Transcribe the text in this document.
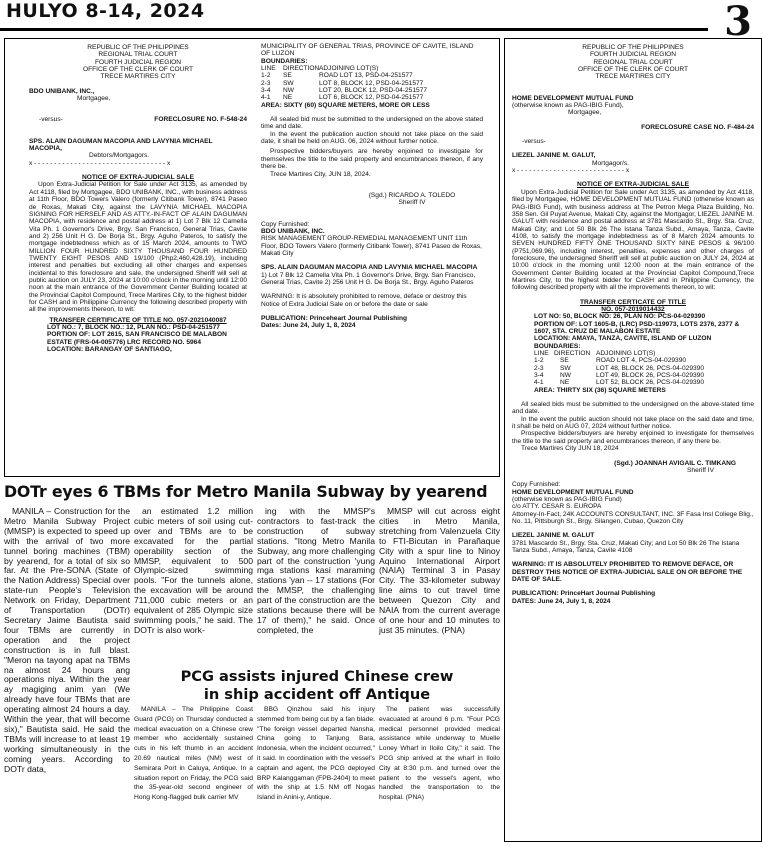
HULYO 8-14, 2024	3

REPUBLIC OF THE PHILIPPINES

REGIONAL TRIAL COURT

FOURTH JUDICIAL REGION

OFFICE OF THE CLERK OF COURT

TRECE MARTIRES CITY

BDO UNIBANK, INC.,

Mortgagee,

-versus-	FORECLOSURE NO. F-548-24

SPS. ALAIN DAGUMAN MACOPIA AND LAVYNIA MICHAEL MACOPIA,

Debtors/Mortgagors.

x - - - - - - - - - - - - - - - - - - - - - - - - - - - - - - - - - x

NOTICE OF EXTRA-JUDICIAL SALE

Upon Extra-Judicial Petition for Sale under Act 3135, as amended by Act 4118, filed by Mortgagee, BDO UNIBANK, INC., with business address at 11th Floor, BDO Towers Valero (formerly Citibank Tower), 8741 Paseo de Roxas, Makati City, against the LAVYNIA MICHAEL MACOPIA SIGNING FOR HERSELF AND AS ATTY.-IN-FACT OF ALAIN DAGUMAN MACOPIA, with residence and postal address at 1) Lot 7 Blk 12 Camella Vita Ph. 1 Governor's Drive, Brgy. San Francisco, General Trias, Cavite and 2) 256 Unit H G. De Borja St., Brgy. Aguho Pateros, to satisfy the mortgage indebtedness which as of 15 March 2024, amounts to TWO MILLION FOUR HUNDRED SIXTY THOUSAND FOUR HUNDRED TWENTY EIGHT PESOS AND 19/100 (Php2,460,428.19), including interest and penalties but excluding all other charges and expenses incidental to this foreclosure and sale, the undersigned Sheriff will sell at public auction on JULY 23, 2024 at 10:00 o'clock in the morning until 12:00 noon at the main entrance of the Government Center Building located at the Provincial Capitol Compound, Trece Martires City, to the highest bidder for CASH and in Philippine Currency the following described property with all the improvements thereon, to wit:

TRANSFER CERTIFICATE OF TITLE NO. 057-2021040087

LOT NO.: 7, BLOCK NO.: 12, PLAN NO.: PSD-04-251577

PORTION OF: LOT 2615, SAN FRANCISCO DE MALABON ESTATE (FRS-04-005776) LRC RECORD NO. 5964

LOCATION: BARANGAY OF SANTIAGO,

MUNICIPALITY OF GENERAL TRIAS, PROVINCE OF CAVITE, ISLAND OF LUZON

BOUNDARIES:

LINE	DIRECTION ADJOINING LOT(S)
1-2	SE	ROAD LOT 13, PSD-04-251577
2-3	SW	LOT 8, BLOCK 12, PSD-04-251577
3-4	NW	LOT 20, BLOCK 12, PSD-04-251577
4-1	NE	LOT 6, BLOCK 12, PSD-04-251577

AREA: SIXTY (60) SQUARE METERS, MORE OR LESS

All sealed bid must be submitted to the undersigned on the above stated time and date.

In the event the publication auction should not take place on the said date, it shall be held on AUG. 06, 2024 without further notice.

Prospective bidders/buyers are hereby enjoined to investigate for themselves the title to the said property and encumbrances thereon, if any there be.

Trece Martires City, JUN 18, 2024.

(Sgd.) RICARDO A. TOLEDO

Sheriff IV

Copy Furnished:

BDO UNIBANK, INC.

RISK MANAGEMENT GROUP-REMEDIAL MANAGEMENT UNIT 11th Floor, BDO Towers Valero (formerly Citibank Tower), 8741 Paseo de Roxas, Makati City

SPS. ALAIN DAGUMAN MACOPIA AND LAVYNIA MICHAEL MACOPIA

1) Lot 7 Blk 12 Camella Vita Ph. 1 Governor's Drive, Brgy. San Francisco, General Trias, Cavite 2) 256 Unit H G. De Borja St., Brgy. Aguho Pateros

WARNING: It is absolutely prohibited to remove, deface or destroy this Notice of Extra Judicial Sale on or before the date or sale

PUBLICATION: Princeheart Journal Publishing

Dates: June 24, July 1, 8, 2024

DOTr eyes 6 TBMs for Metro Manila Subway by yearend

MANILA – Construction for the Metro Manila Subway Project (MMSP) is expected to speed up with the arrival of two more tunnel boring machines (TBM) by yearend, for a total of six so far. At the Pre-SONA (State of the Nation Address) Special over state-run People's Television Network on Friday, Department of Transportation (DOTr) Secretary Jaime Bautista said four TBMs are currently in operation and the project construction is in full blast. "Meron na tayong apat na TBMs na almost 24 hours ang operations niya. Within the year ay magiging anim yan (We already have four TBMs that are operating almost 24 hours a day. Within the year, that will become six)," Bautista said. He said the TBMs will increase to at least 19 working simultaneously in the coming years. According to DOTr data,

an estimated 1.2 million cubic meters of soil using cut-over and TBMs are to be excavated for the partial operability section of the MMSP, equivalent to 500 Olympic-sized swimming pools. "For the tunnels alone, the excavation will be around 711,000 cubic meters or an equivalent of 285 Olympic size swimming pools," he said. The DOTr is also work-

ing with the MMSP's contractors to fast-track the construction of subway stations. "Itong Metro Manila Subway, ang more challenging part of the construction 'yung mga stations kasi maraming stations 'yan -- 17 stations (For the MMSP, the challenging part of the construction are the stations because there will be 17 of them)," he said. Once completed, the

MMSP will cut across eight cities in Metro Manila, stretching from Valenzuela City to FTI-Bicutan in Parañaque City with a spur line to Ninoy Aquino International Airport (NAIA) Terminal 3 in Pasay City. The 33-kilometer subway line aims to cut travel time between Quezon City and NAIA from the current average of one hour and 10 minutes to just 35 minutes. (PNA)

PCG assists injured Chinese crew
in ship accident off Antique

MANILA – The Philippine Coast Guard (PCG) on Thursday conducted a medical evacuation on a Chinese crew member who accidentally sustained cuts in his left thumb in an accident 20.69 nautical miles (NM) west of Semirara Port in Caluya, Antique. In a situation report on Friday, the PCG said the 35-year-old second engineer of Hong Kong-flagged bulk carrier MV

BBG Qinzhou said his injury stemmed from being cut by a fan blade. "The foreign vessel departed Nansha, China going to Tanjung Bara, Indonesia, when the incident occurred," it said. In coordination with the vessel's captain and agent, the PCG deployed BRP Kalanggaman (FPB-2404) to meet with the ship at 1.5 NM off Nogas Island in Anini-y, Antique.

The patient was successfully evacuated at around 6 p.m. "Four PCG medical personnel provided medical assistance while underway to Muelle Loney Wharf in Iloilo City," it said. The PCG ship arrived at the wharf in Iloilo City at 8:30 p.m. and turned over the patient to the vessel's agent, who handled the transportation to the hospital. (PNA)

REPUBLIC OF THE PHILIPPINES

FOURTH JUDICIAL REGION

REGIONAL TRIAL COURT

OFFICE OF THE CLERK OF COURT

TRECE MARTIRES CITY

HOME DEVELOPMENT MUTUAL FUND

(otherwise known as PAG-IBIG Fund),

Mortgagee,

FORECLOSURE CASE NO. F-484-24

-versus-

LIEZEL JANINE M. GALUT,

Mortgagor/s.

x - - - - - - - - - - - - - - - - - - - - - - - - - - - x

NOTICE OF EXTRA-JUDICIAL SALE

Upon Extra-Judicial Petition for Sale under Act 3135, as amended by Act 4118, filed by Mortgagee, HOME DEVELOPMENT MUTUAL FUND (otherwise known as PAG-IBIG Fund), with business address at The Petron Mega Plaza Building, No. 358 Sen. Gil Puyat Avenue, Makati City, against the Mortgagor, LIEZEL JANINE M. GALUT with residence and postal address at 3781 Mascardo St., Brgy. Sta. Cruz, Makati City; and Lot 50 Blk 26 The Istana Tanza Subd., Amaya, Tanza, Cavite 4108, to satisfy the mortgage indebtedness as of 8 March 2024 amounts to SEVEN HUNDRED FIFTY ONE THOUSAND SIXTY NINE PESOS & 96/100 (P751,069.96), including interest, penalties, expenses and other charges of foreclosure, the undersigned Sheriff will sell at public auction on JULY 24, 2024 at 10:00 o'clock in the morning until 12:00 noon at the main entrance of the Government Center Building located at the Provincial Capitol Compound,Trece Martires City, to the highest bidder for CASH and in Philippine Currency, the following described property with all the improvements thereon, to wit:

TRANSFER CERTICATE OF TITLE

NO. 057-2019014432

LOT NO: 50, BLOCK NO: 26, PLAN NO: PCS-04-029390

PORTION OF: LOT 1605-B, (LRC) PSD-119973, LOTS 2376, 2377 & 1607, STA. CRUZ DE MALABON ESTATE

LOCATION: AMAYA, TANZA, CAVITE, ISLAND OF LUZON

BOUNDARIES:

LINE DIRECTION ADJOINING LOT(S)
1-2	SE	ROAD LOT 4, PCS-04-029390
2-3	SW	LOT 48, BLOCK 26, PCS-04-029390
3-4	NW	LOT 49, BLOCK 26, PCS-04-029390
4-1	NE	LOT 52, BLOCK 26, PCS-04-029390

AREA: THIRTY SIX (36) SQUARE METERS

All sealed bids must be submitted to the undersigned on the above-stated time and date.

In the event the public auction should not take place on the said date and time, it shall be held on AUG 07, 2024 without further notice.

Prospective bidders/buyers are hereby enjoined to investigate for themselves the title to the said property and encumbrances thereon, if any there be.

Trece Martires City JUN 18, 2024

(Sgd.) JOANNAH AVIGAIL C. TIMKANG

Sheriff IV

Copy Furnished:

HOME DEVELOPMENT MUTUAL FUND

(otherwise known as PAG-IBIG Fund)

c/o ATTY. CESAR S. EUROPA

Attorney-In-Fact, 24K ACCOUNTS CONSULTANT, INC. 3F Fasa Insl Coliege Blig., No. 11, Pittsburgh St., Brgy. Silangen, Cubao, Quezon City

LIEZEL JANINE M. GALUT

3781 Mascardo St., Brgy. Sta. Cruz, Makati City; and Lot 50 Blk 26 The Istana Tanza Subd., Amaya, Tanza, Cavite 4108

WARNING: IT IS ABSOLUTELY PROHIBITED TO REMOVE DEFACE, OR DESTROY THIS NOTICE OF EXTRA-JUDICIAL SALE ON OR BEFORE THE DATE OF SALE.

PUBLICATION: PrinceHart Journal Publishing

DATES: June 24, July 1, 8, 2024
